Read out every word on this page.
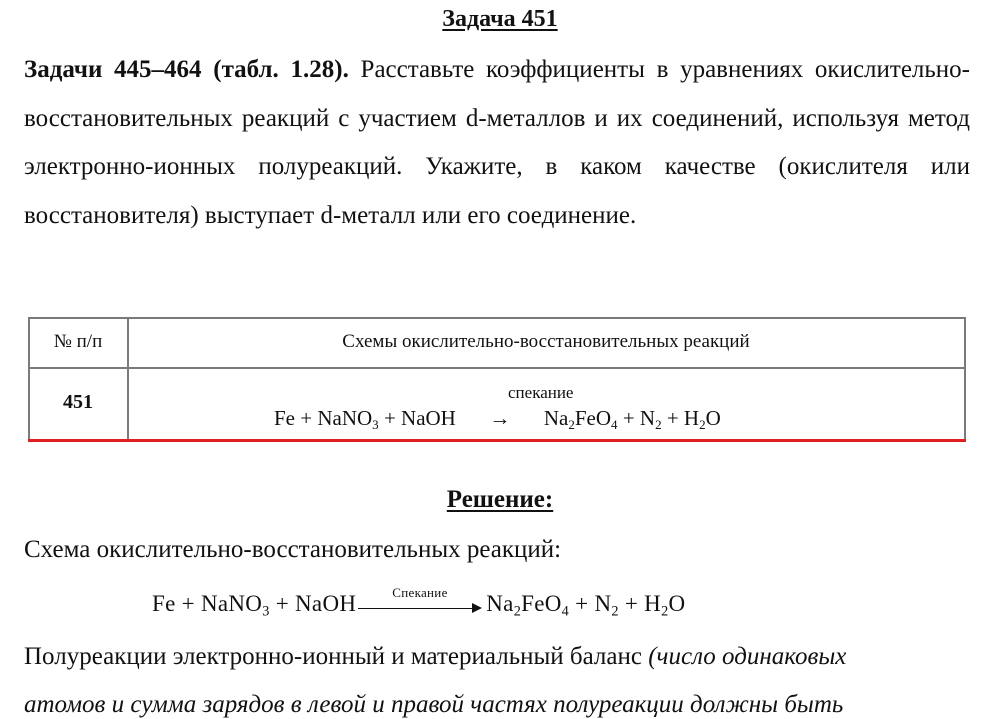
Задача 451

Задачи 445–464 (табл. 1.28). Расставьте коэффициенты в уравнениях окислительно-восстановительных реакций с участием d-металлов и их соединений, используя метод электронно-ионных полуреакций. Укажите, в каком качестве (окислителя или восстановителя) выступает d-металл или его соединение.

№ п/п	Схемы окислительно-восстановительных реакций
451	спекание
Fe + NaNO$_3$ + NaOH → $Na_2FeO_4 + N_2 + H_2O$
Решение:
Схема окислительно-восстановительных реакций:
Fe + NaNO$_3$ + NaOH	Спекание $Na_2FeO_4 + N_2 + H_2O$
Полуреакции электронно-ионный и материальный баланс (число одинаковых
атомов и сумма зарядов в левой и правой частях полуреакции должны быть
